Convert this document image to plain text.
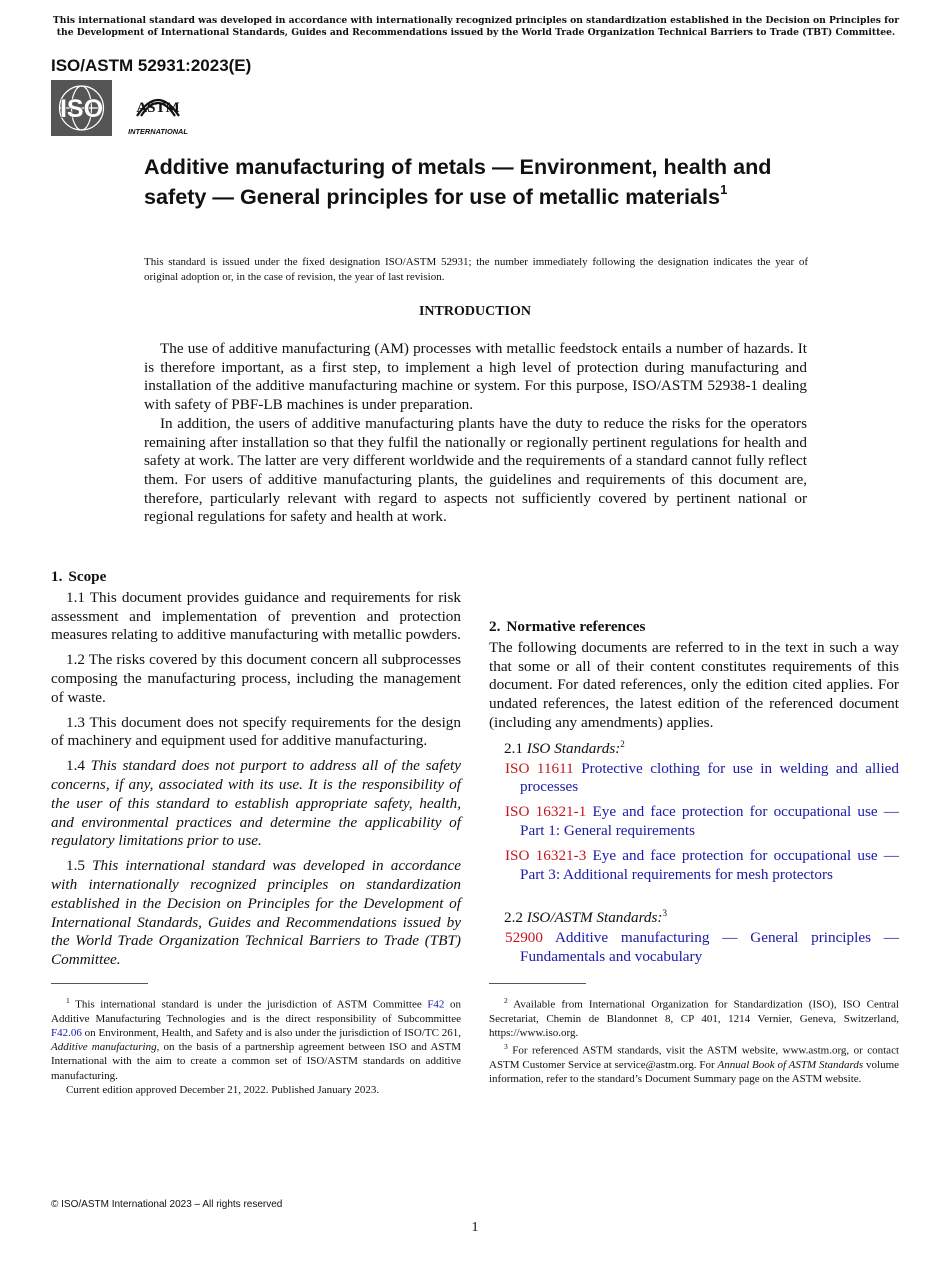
This international standard was developed in accordance with internationally recognized principles on standardization established in the Decision on Principles for the Development of International Standards, Guides and Recommendations issued by the World Trade Organization Technical Barriers to Trade (TBT) Committee.
ISO/ASTM 52931:2023(E)
ISO ASTM
INTERNATIONAL
Additive manufacturing of metals — Environment, health and safety — General principles for use of metallic materials$^1$
This standard is issued under the fixed designation ISO/ASTM 52931; the number immediately following the designation indicates the year of original adoption or, in the case of revision, the year of last revision.
INTRODUCTION

The use of additive manufacturing (AM) processes with metallic feedstock entails a number of hazards. It is therefore important, as a first step, to implement a high level of protection during manufacturing and installation of the additive manufacturing machine or system. For this purpose, ISO/ASTM 52938-1 dealing with safety of PBF-LB machines is under preparation.

In addition, the users of additive manufacturing plants have the duty to reduce the risks for the operators remaining after installation so that they fulfil the nationally or regionally pertinent regulations for health and safety at work. The latter are very different worldwide and the requirements of a standard cannot fully reflect them. For users of additive manufacturing plants, the guidelines and requirements of this document are, therefore, particularly relevant with regard to aspects not sufficiently covered by pertinent national or regional regulations for safety and health at work.

1. Scope

1.1 This document provides guidance and requirements for risk assessment and implementation of prevention and protection measures relating to additive manufacturing with metallic powders.

1.2 The risks covered by this document concern all subprocesses composing the manufacturing process, including the management of waste.

1.3 This document does not specify requirements for the design of machinery and equipment used for additive manufacturing.

1.4 This standard does not purport to address all of the safety concerns, if any, associated with its use. It is the responsibility of the user of this standard to establish appropriate safety, health, and environmental practices and determine the applicability of regulatory limitations prior to use.

1.5 This international standard was developed in accordance with internationally recognized principles on standardization established in the Decision on Principles for the Development of International Standards, Guides and Recommendations issued by the World Trade Organization Technical Barriers to Trade (TBT) Committee.

2. Normative references

The following documents are referred to in the text in such a way that some or all of their content constitutes requirements of this document. For dated references, only the edition cited applies. For undated references, the latest edition of the referenced document (including any amendments) applies.

2.1 ISO Standards:$^2$

ISO 11611 Protective clothing for use in welding and allied processes

ISO 16321-1 Eye and face protection for occupational use — Part 1: General requirements

ISO 16321-3 Eye and face protection for occupational use — Part 3: Additional requirements for mesh protectors

2.2 ISO/ASTM Standards:$^3$

52900 Additive manufacturing — General principles — Fundamentals and vocabulary

$^1$ This international standard is under the jurisdiction of ASTM Committee F42 on Additive Manufacturing Technologies and is the direct responsibility of Subcommittee F42.06 on Environment, Health, and Safety and is also under the jurisdiction of ISO/TC 261, Additive manufacturing, on the basis of a partnership agreement between ISO and ASTM International with the aim to create a common set of ISO/ASTM standards on additive manufacturing.

Current edition approved December 21, 2022. Published January 2023.

$^2$ Available from International Organization for Standardization (ISO), ISO Central Secretariat, Chemin de Blandonnet 8, CP 401, 1214 Vernier, Geneva, Switzerland, https://www.iso.org.

$^3$ For referenced ASTM standards, visit the ASTM website, www.astm.org, or contact ASTM Customer Service at service@astm.org. For Annual Book of ASTM Standards volume information, refer to the standard’s Document Summary page on the ASTM website.

© ISO/ASTM International 2023 – All rights reserved
1
